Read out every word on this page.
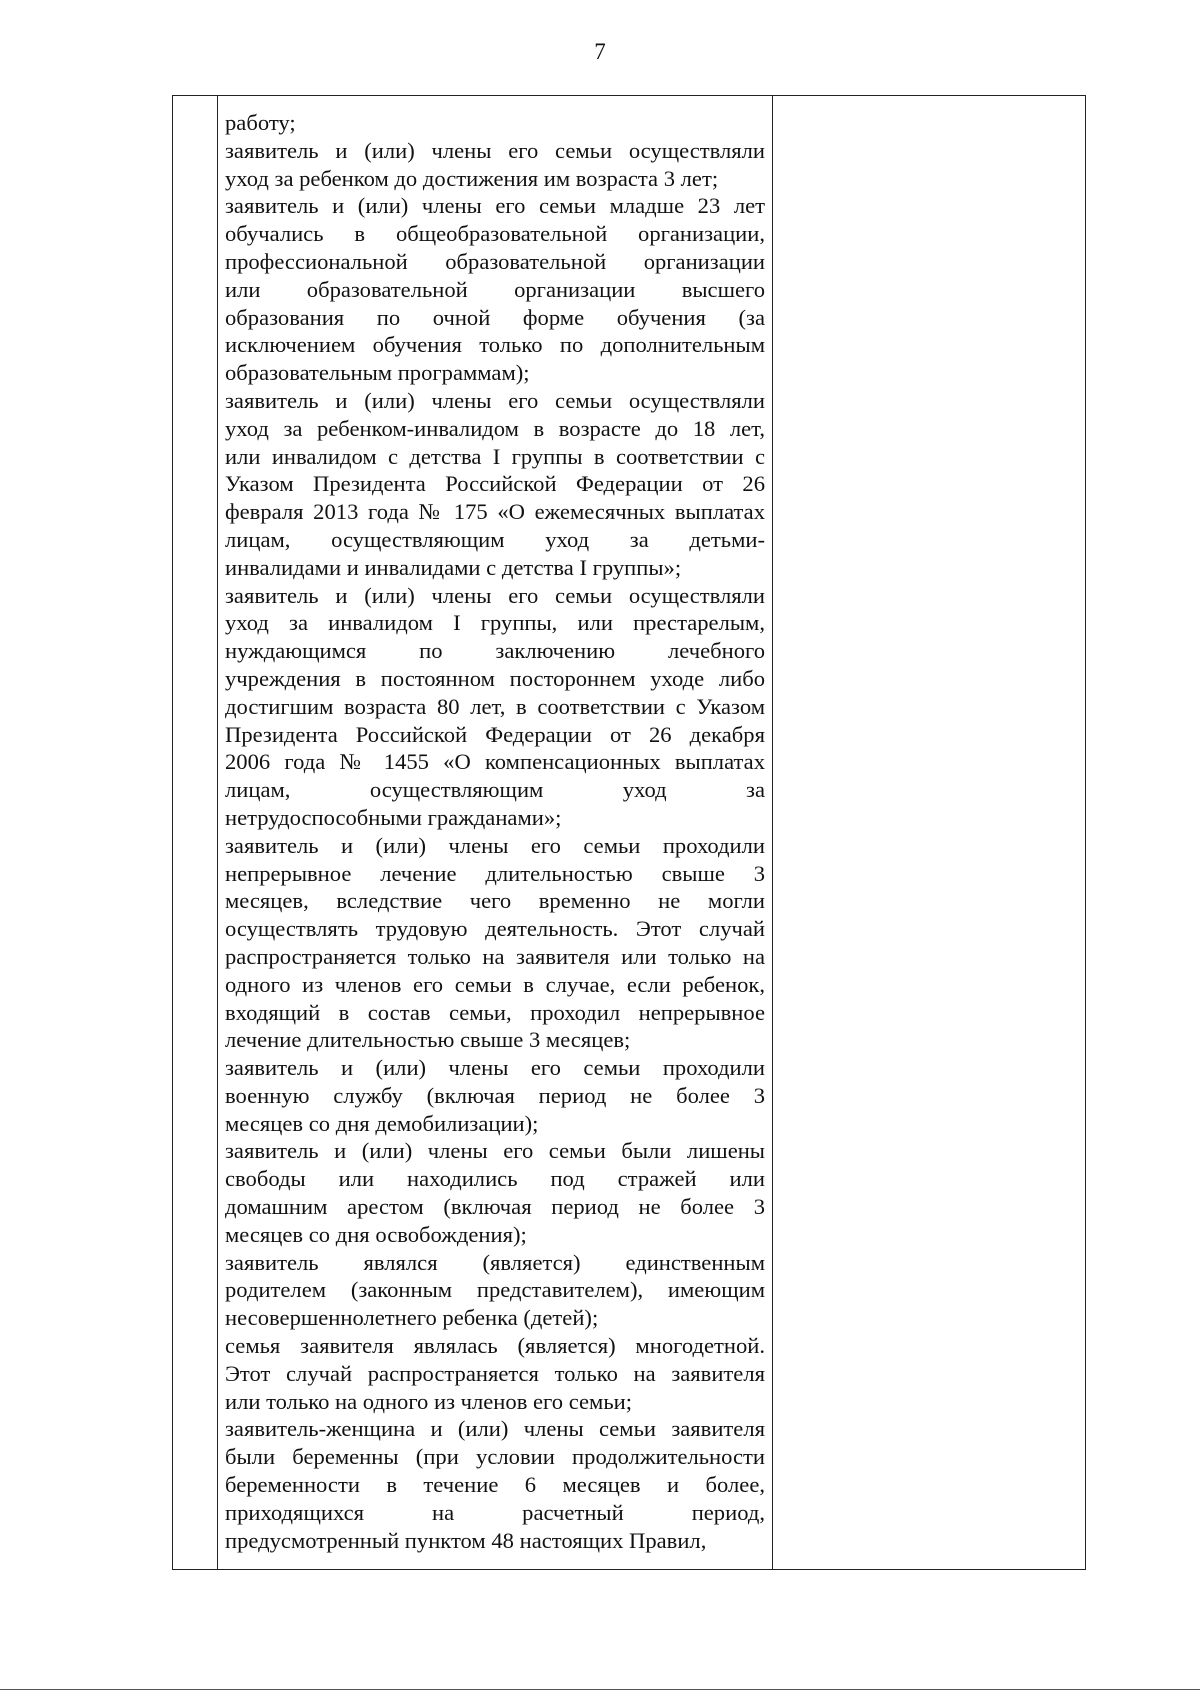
7
работу;
заявитель и (или) члены его семьи осуществляли
уход за ребенком до достижения им возраста 3 лет;
заявитель и (или) члены его семьи младше 23 лет
обучались в общеобразовательной организации,
профессиональной образовательной организации
или образовательной организации высшего
образования по очной форме обучения (за
исключением обучения только по дополнительным
образовательным программам);
заявитель и (или) члены его семьи осуществляли
уход за ребенком-инвалидом в возрасте до 18 лет,
или инвалидом с детства I группы в соответствии с
Указом Президента Российской Федерации от 26
февраля 2013 года № 175 «О ежемесячных выплатах
лицам, осуществляющим уход за детьми-
инвалидами и инвалидами с детства I группы»;
заявитель и (или) члены его семьи осуществляли
уход за инвалидом I группы, или престарелым,
нуждающимся по заключению лечебного
учреждения в постоянном постороннем уходе либо
достигшим возраста 80 лет, в соответствии с Указом
Президента Российской Федерации от 26 декабря
2006 года № 1455 «О компенсационных выплатах
лицам, осуществляющим уход за
нетрудоспособными гражданами»;
заявитель и (или) члены его семьи проходили
непрерывное лечение длительностью свыше 3
месяцев, вследствие чего временно не могли
осуществлять трудовую деятельность. Этот случай
распространяется только на заявителя или только на
одного из членов его семьи в случае, если ребенок,
входящий в состав семьи, проходил непрерывное
лечение длительностью свыше 3 месяцев;
заявитель и (или) члены его семьи проходили
военную службу (включая период не более 3
месяцев со дня демобилизации);
заявитель и (или) члены его семьи были лишены
свободы или находились под стражей или
домашним арестом (включая период не более 3
месяцев со дня освобождения);
заявитель являлся (является) единственным
родителем (законным представителем), имеющим
несовершеннолетнего ребенка (детей);
семья заявителя являлась (является) многодетной.
Этот случай распространяется только на заявителя
или только на одного из членов его семьи;
заявитель-женщина и (или) члены семьи заявителя
были беременны (при условии продолжительности
беременности в течение 6 месяцев и более,
приходящихся на расчетный период,
предусмотренный пунктом 48 настоящих Правил,
